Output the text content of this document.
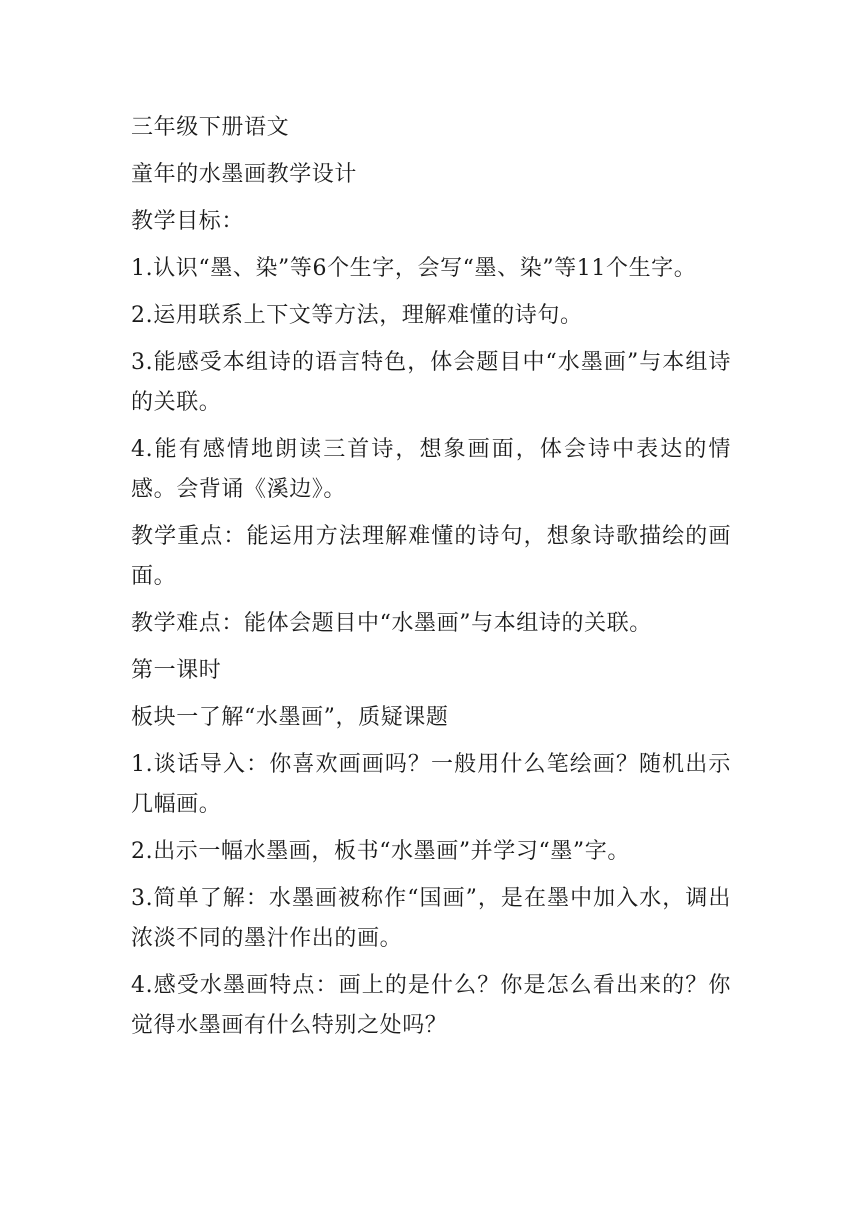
三年级下册语文

童年的水墨画教学设计

教学目标：

1.认识“墨、染”等6个生字，会写“墨、染”等11个生字。

2.运用联系上下文等方法，理解难懂的诗句。

3.能感受本组诗的语言特色，体会题目中“水墨画”与本组诗的关联。

4.能有感情地朗读三首诗，想象画面，体会诗中表达的情感。会背诵《溪边》。

教学重点：能运用方法理解难懂的诗句，想象诗歌描绘的画面。

教学难点：能体会题目中“水墨画”与本组诗的关联。

第一课时

板块一了解“水墨画”，质疑课题

1.谈话导入：你喜欢画画吗？一般用什么笔绘画？随机出示几幅画。

2.出示一幅水墨画，板书“水墨画”并学习“墨”字。

3.简单了解：水墨画被称作“国画”，是在墨中加入水，调出浓淡不同的墨汁作出的画。

4.感受水墨画特点：画上的是什么？你是怎么看出来的？你觉得水墨画有什么特别之处吗？
